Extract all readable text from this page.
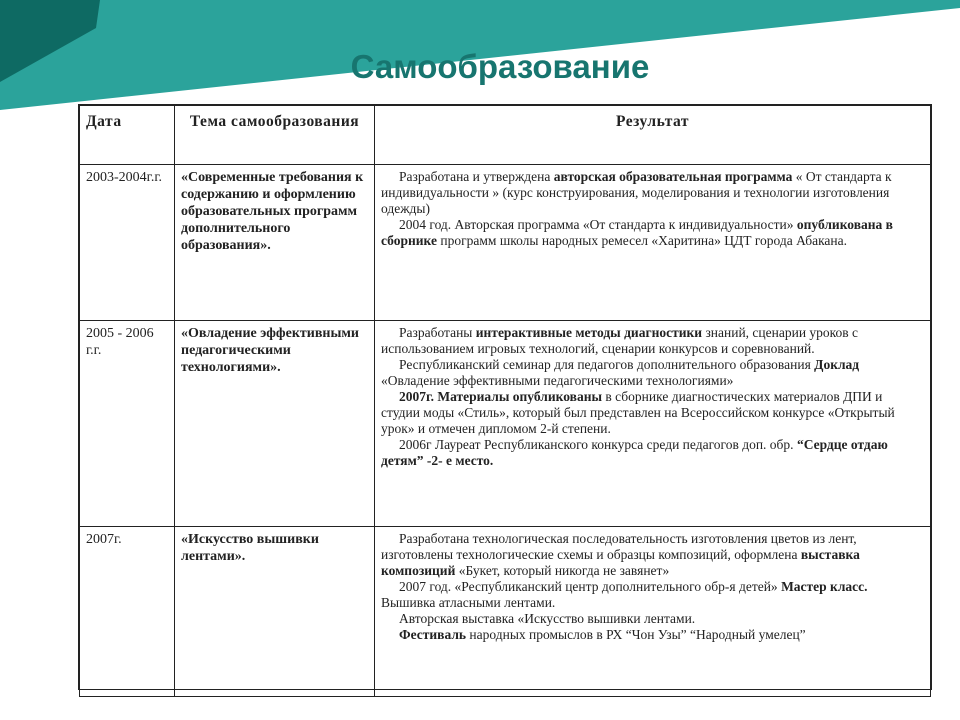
Самообразование
Дата	Тема самообразования	Результат
2003-2004г.г.	«Современные требования к содержанию и оформлению образовательных программ дополнительного образования».	Разработана и утверждена авторская образовательная программа « От стандарта к индивидуальности » (курс конструирования, моделирования и технологии изготовления одежды)

2004 год. Авторская программа «От стандарта к индивидуальности» опубликована в сборнике программ школы народных ремесел «Харитина» ЦДТ города Абакана.

2005 - 2006 г.г.	«Овладение эффективными педагогическими технологиями».	Разработаны интерактивные методы диагностики знаний, сценарии уроков с использованием игровых технологий, сценарии конкурсов и соревнований.

Республиканский семинар для педагогов дополнительного образования Доклад «Овладение эффективными педагогическими технологиями»

2007г. Материалы опубликованы в сборнике диагностических материалов ДПИ и студии моды «Стиль», который был представлен на Всероссийском конкурсе «Открытый урок» и отмечен дипломом 2-й степени.

2006г Лауреат Республиканского конкурса среди педагогов доп. обр. “Сердце отдаю детям” -2- е место.

2007г.	«Искусство вышивки лентами».	Разработана технологическая последовательность изготовления цветов из лент, изготовлены технологические схемы и образцы композиций, оформлена выставка композиций «Букет, который никогда не завянет»

2007 год. «Республиканский центр дополнительного обр-я детей» Мастер класс. Вышивка атласными лентами.

Авторская выставка «Искусство вышивки лентами.

Фестиваль народных промыслов в РХ “Чон Узы” “Народный умелец”
